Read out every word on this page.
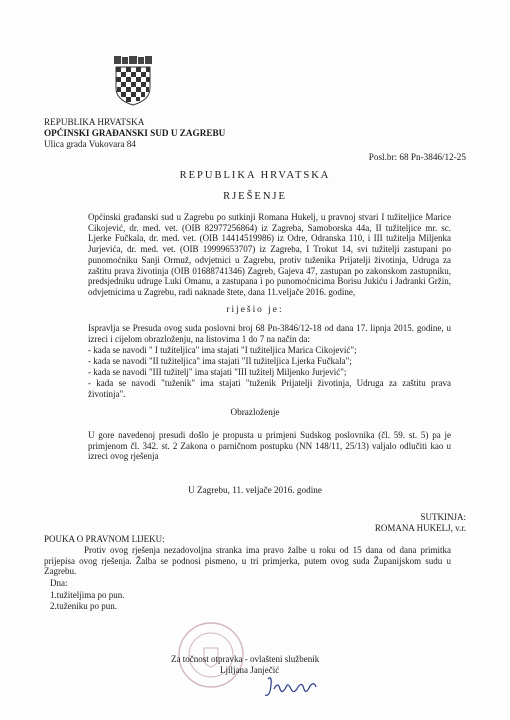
REPUBLIKA HRVATSKA
OPĆINSKI GRAĐANSKI SUD U ZAGREBU
Ulica grada Vukovara 84
Posl.br: 68 Pn-3846/12-25
REPUBLIKA HRVATSKA
RJEŠENJE
Općinski građanski sud u Zagrebu po sutkinji Romana Hukelj, u pravnoj stvari I tužiteljice Marice Cikojević, dr. med. vet. (OIB 82977256864) iz Zagreba, Samoborska 44a, II tužiteljice mr. sc. Ljerke Fučkala, dr. med. vet. (OIB 14414519986) iz Odre, Odranska 110, i III tužitelja Miljenka Jurjevića, dr. med. vet. (OIB 19999653707) iz Zagreba, I Trokut 14, svi tužitelji zastupani po punomoćniku Sanji Ormuž, odvjetnici u Zagrebu, protiv tuženika Prijatelji životinja, Udruga za zaštitu prava životinja (OIB 01688741346) Zagreb, Gajeva 47, zastupan po zakonskom zastupniku, predsjedniku udruge Luki Omanu, a zastupana i po punomoćnicima Borisu Jukiću i Jadranki Gržin, odvjetnicima u Zagrebu, radi naknade štete, dana 11.veljače 2016. godine,
riješio je:
Ispravlja se Presuda ovog suda poslovni broj 68 Pn-3846/12-18 od dana 17. lipnja 2015. godine, u izreci i cijelom obrazloženju, na listovima 1 do 7 na način da:
- kada se navodi " I tužiteljica" ima stajati "I tužiteljica Marica Cikojević";
- kada se navodi "II tužiteljica" ima stajati "II tužiteljica Ljerka Fučkala";
- kada se navodi "III tužitelj" ima stajati "III tužitelj Miljenko Jurjević";
- kada se navodi "tuženik" ima stajati "tuženik Prijatelji životinja, Udruga za zaštitu prava životinja".
Obrazloženje
U gore navedenoj presudi došlo je propusta u primjeni Sudskog poslovnika (čl. 59. st. 5) pa je primjenom čl. 342. st. 2 Zakona o parničnom postupku (NN 148/11, 25/13) valjalo odlučiti kao u izreci ovog rješenja
U Zagrebu, 11. veljače 2016. godine
SUTKINJA:
ROMANA HUKELJ, v.r.
POUKA O PRAVNOM LIJEKU:
Protiv ovog rješenja nezadovoljna stranka ima pravo žalbe u roku od 15 dana od dana primitka prijepisa ovog rješenja. Žalba se podnosi pismeno, u tri primjerka, putem ovog suda Županijskom sudu u Zagrebu.
Dna:
1.tužiteljima po pun.
2.tuženiku po pun.
Za točnost otpravka - ovlašteni službenik
Ljiljana Janječić
